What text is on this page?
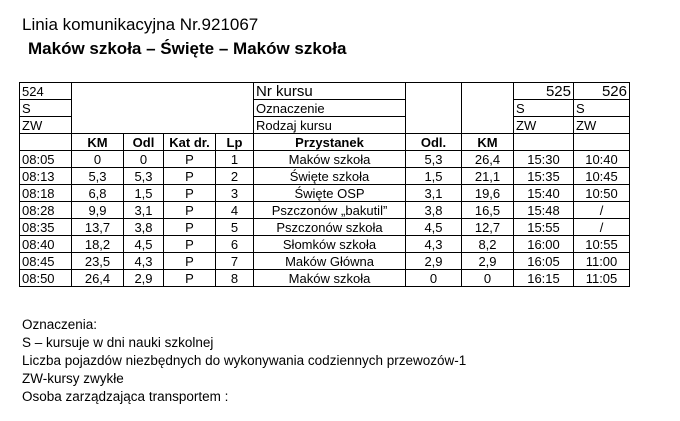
Linia komunikacyjna Nr.921067
Maków szkoła – Święte – Maków szkoła
524					Nr kursu			525	526
S					Oznaczenie			S	S
ZW					Rodzaj kursu			ZW	ZW
	KM	Odl	Kat dr.	Lp	Przystanek	Odl.	KM		
08:05	0	0	P	1	Maków szkoła	5,3	26,4	15:30	10:40
08:13	5,3	5,3	P	2	Święte szkoła	1,5	21,1	15:35	10:45
08:18	6,8	1,5	P	3	Święte OSP	3,1	19,6	15:40	10:50
08:28	9,9	3,1	P	4	Pszczonów „bakutil”	3,8	16,5	15:48	/
08:35	13,7	3,8	P	5	Pszczonów szkoła	4,5	12,7	15:55	/
08:40	18,2	4,5	P	6	Słomków szkoła	4,3	8,2	16:00	10:55
08:45	23,5	4,3	P	7	Maków Główna	2,9	2,9	16:05	11:00
08:50	26,4	2,9	P	8	Maków szkoła	0	0	16:15	11:05
Oznaczenia:
S – kursuje w dni nauki szkolnej
Liczba pojazdów niezbędnych do wykonywania codziennych przewozów-1
ZW-kursy zwykłe
Osoba zarządzająca transportem :
